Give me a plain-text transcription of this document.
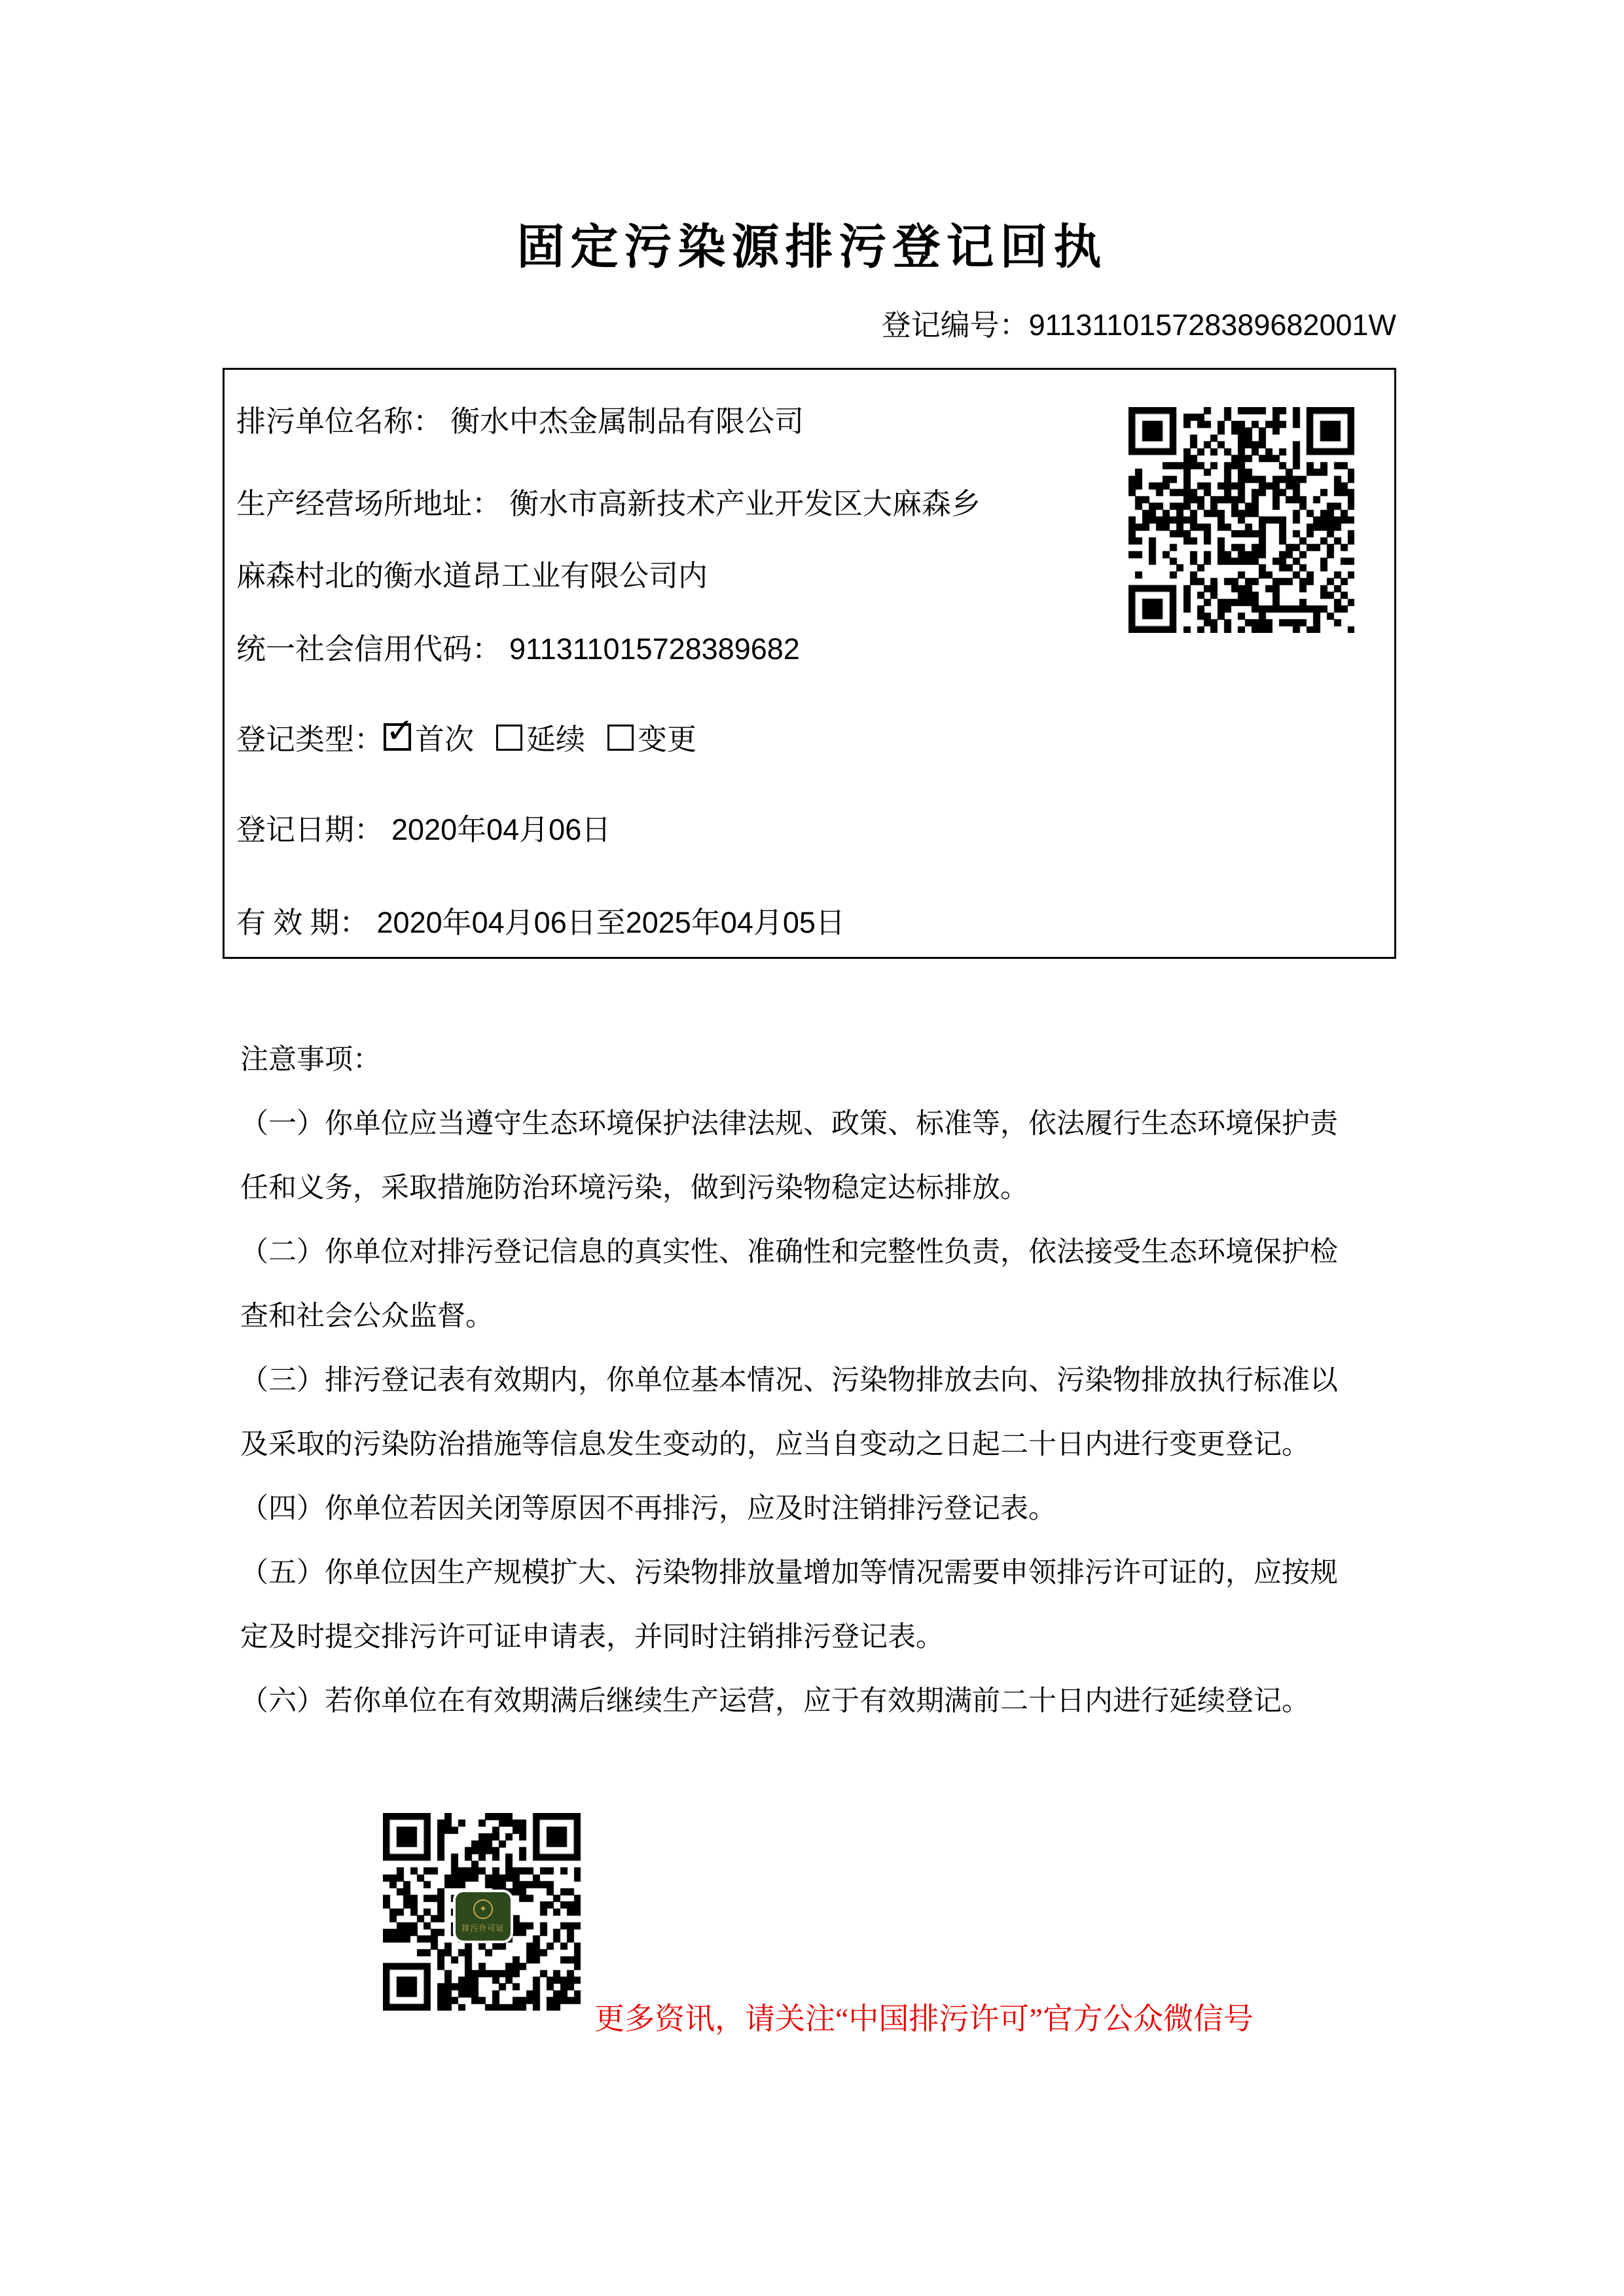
固定污染源排污登记回执
登记编号：911311015728389682001W
排污单位名称： 衡水中杰金属制品有限公司
生产经营场所地址： 衡水市高新技术产业开发区大麻森乡
麻森村北的衡水道昂工业有限公司内
统一社会信用代码： 911311015728389682
登记类型： ✓ 首次 延续 变更
登记日期： 2020年04月06日
有 效 期： 2020年04月06日至2025年04月05日
注意事项：
（一）你单位应当遵守生态环境保护法律法规、政策、标准等，依法履行生态环境保护责
任和义务，采取措施防治环境污染，做到污染物稳定达标排放。
（二）你单位对排污登记信息的真实性、准确性和完整性负责，依法接受生态环境保护检
查和社会公众监督。
（三）排污登记表有效期内，你单位基本情况、污染物排放去向、污染物排放执行标准以
及采取的污染防治措施等信息发生变动的，应当自变动之日起二十日内进行变更登记。
（四）你单位若因关闭等原因不再排污，应及时注销排污登记表。
（五）你单位因生产规模扩大、污染物排放量增加等情况需要申领排污许可证的，应按规
定及时提交排污许可证申请表，并同时注销排污登记表。
（六）若你单位在有效期满后继续生产运营，应于有效期满前二十日内进行延续登记。
✦
排污许可证
更多资讯，请关注“中国排污许可”官方公众微信号
